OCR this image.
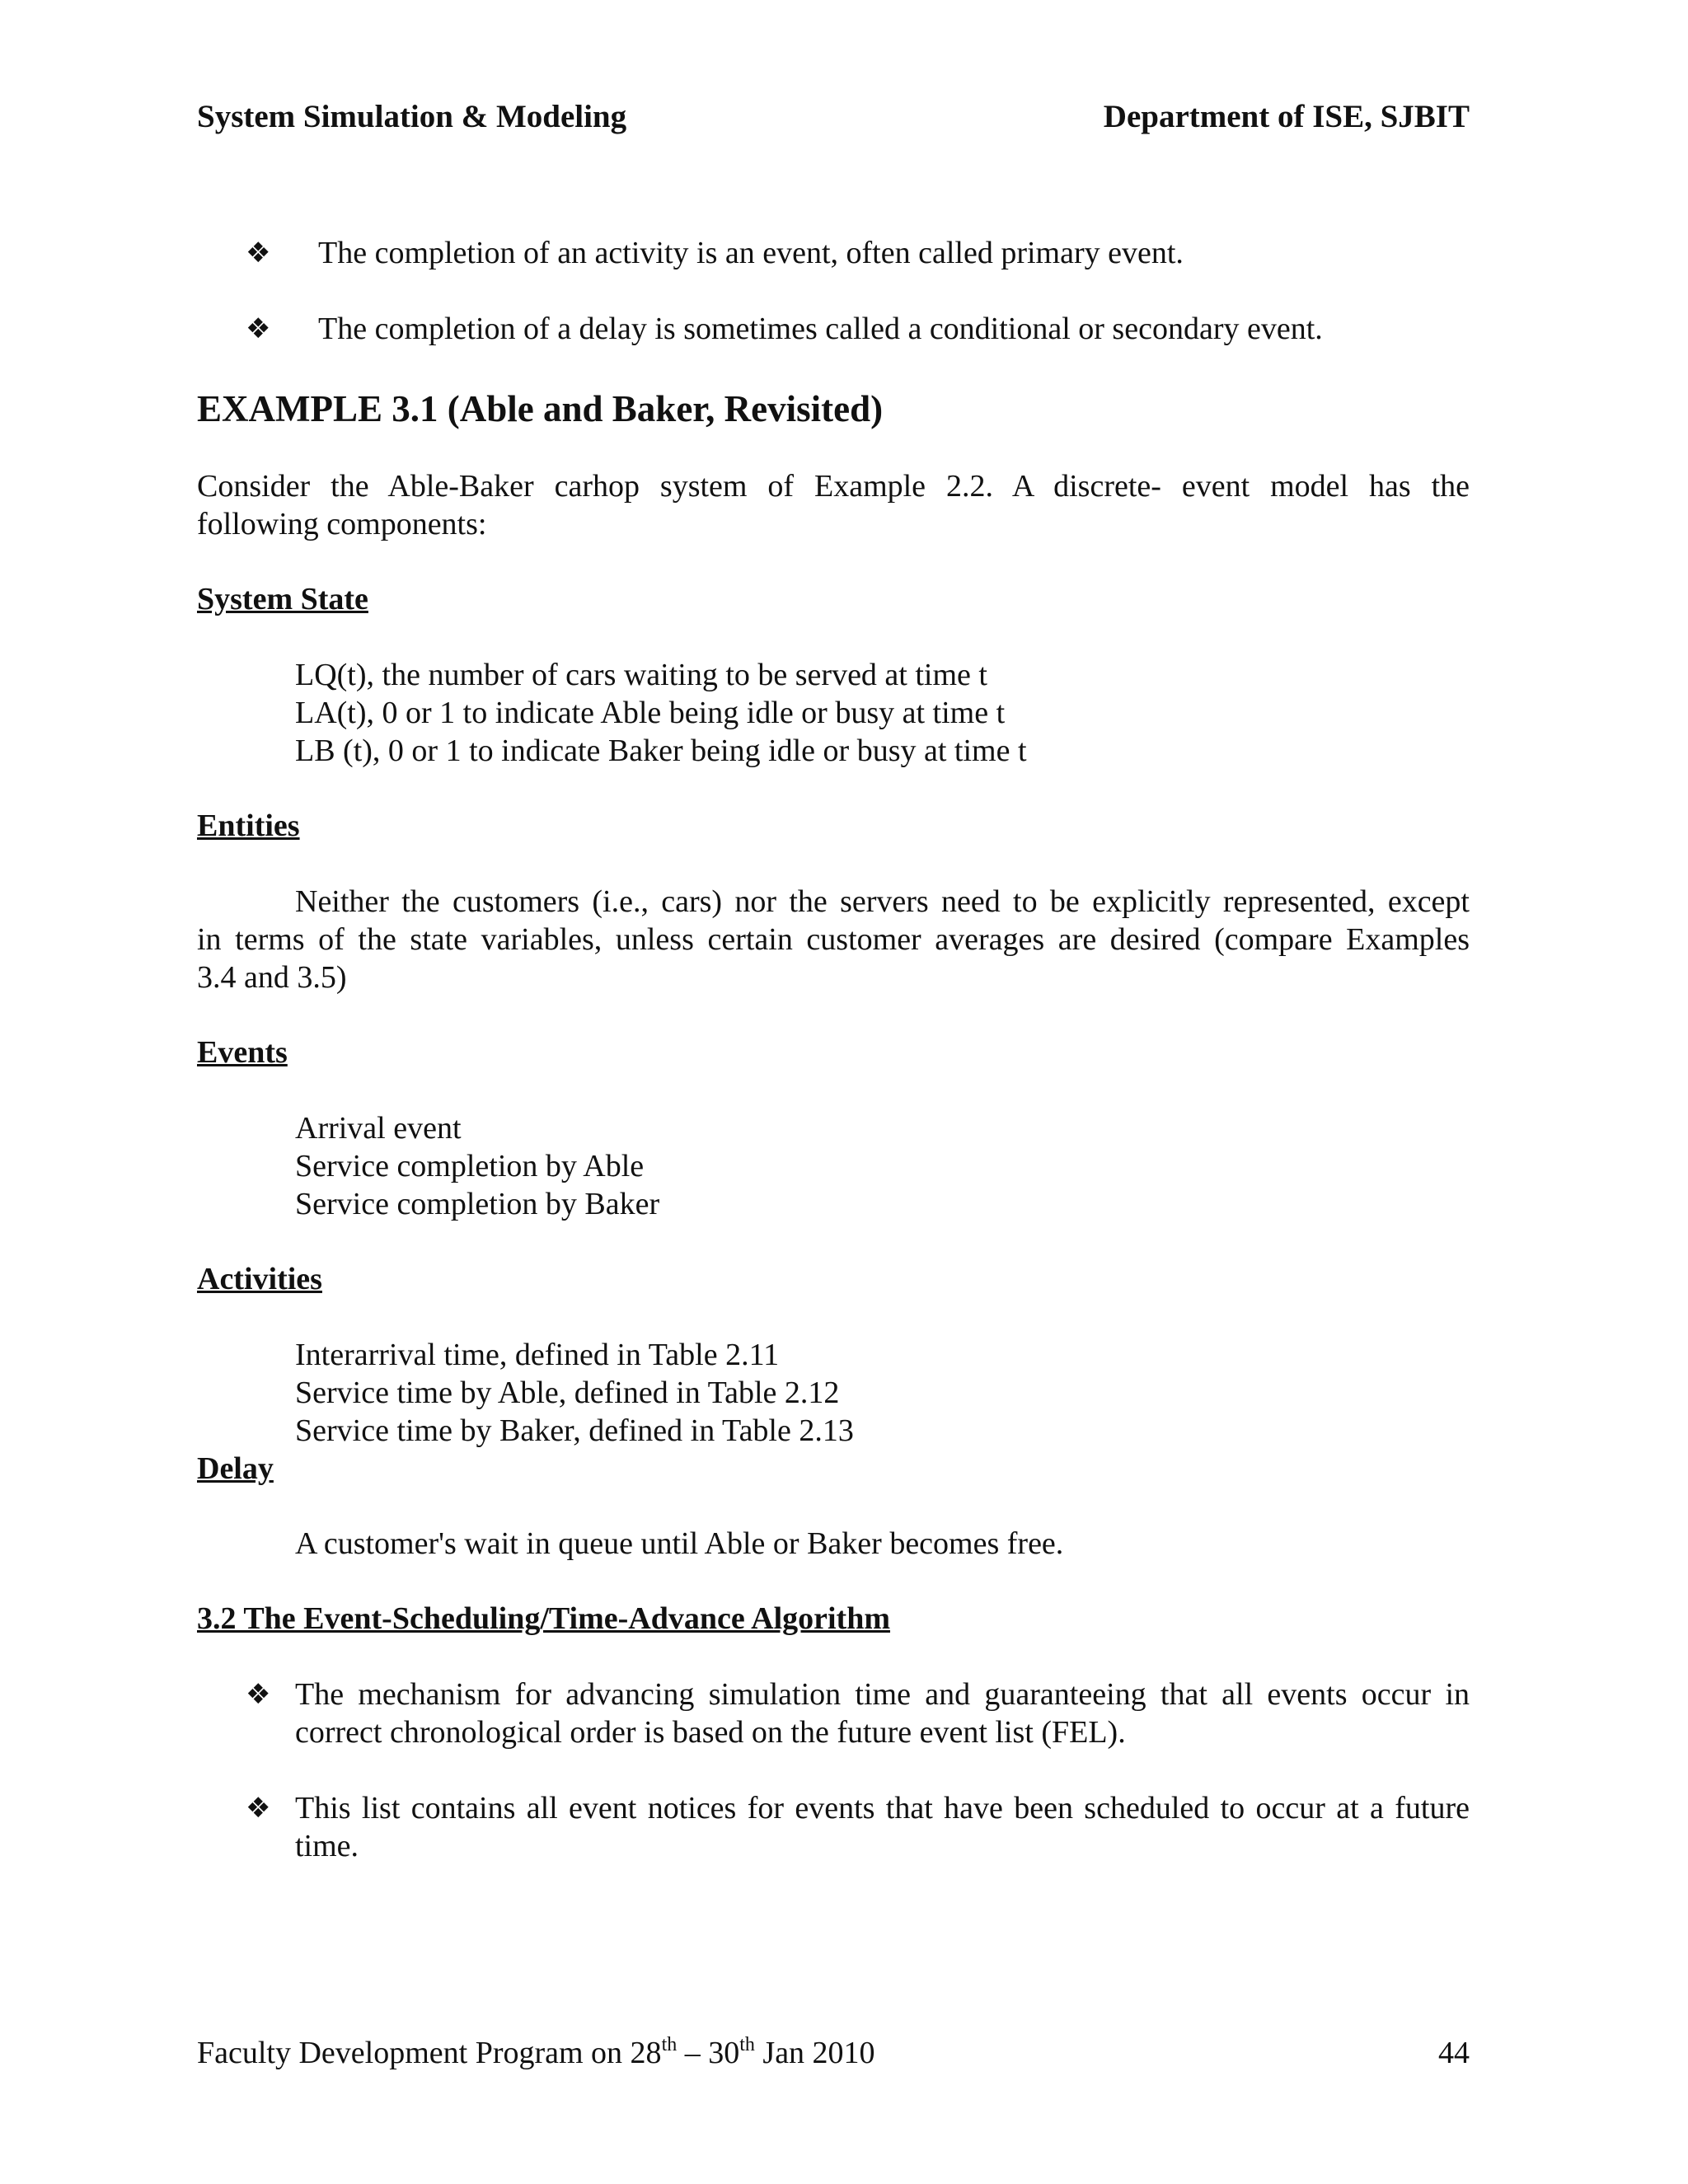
System Simulation & Modeling	Department of ISE, SJBIT
❖ The completion of an activity is an event, often called primary event.
❖ The completion of a delay is sometimes called a conditional or secondary event.
EXAMPLE 3.1 (Able and Baker, Revisited)
Consider the Able-Baker carhop system of Example 2.2. A discrete- event model has the
following components:
System State
LQ(t), the number of cars waiting to be served at time t
LA(t), 0 or 1 to indicate Able being idle or busy at time t
LB (t), 0 or 1 to indicate Baker being idle or busy at time t
Entities
Neither the customers (i.e., cars) nor the servers need to be explicitly represented, except
in terms of the state variables, unless certain customer averages are desired (compare Examples
3.4 and 3.5)
Events
Arrival event
Service completion by Able
Service completion by Baker
Activities
Interarrival time, defined in Table 2.11
Service time by Able, defined in Table 2.12
Service time by Baker, defined in Table 2.13
Delay
A customer's wait in queue until Able or Baker becomes free.
3.2 The Event-Scheduling/Time-Advance Algorithm
❖ The mechanism for advancing simulation time and guaranteeing that all events occur in
correct chronological order is based on the future event list (FEL).
❖ This list contains all event notices for events that have been scheduled to occur at a future
time.
Faculty Development Program on 28th – 30th Jan 2010	44
